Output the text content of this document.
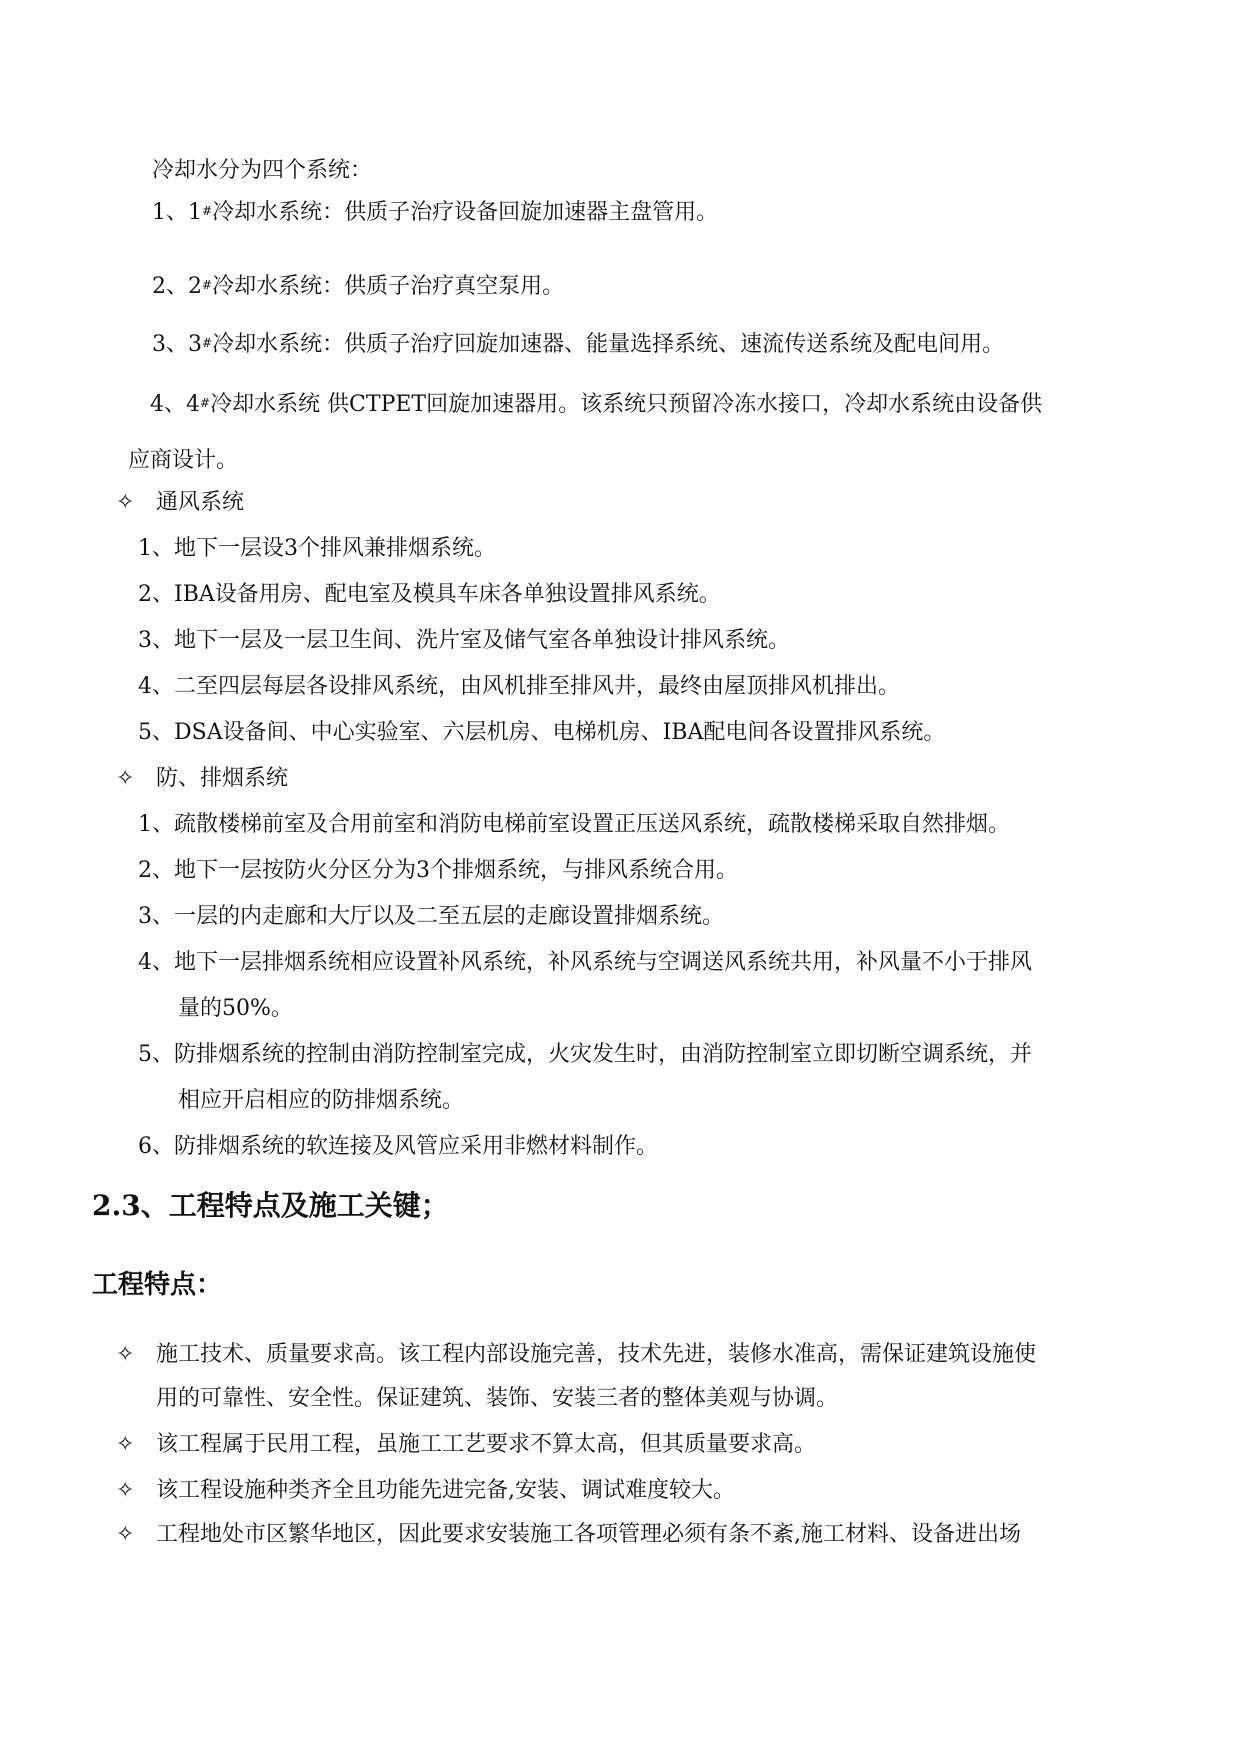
冷却水分为四个系统：
1、1#冷却水系统：供质子治疗设备回旋加速器主盘管用。
2、2#冷却水系统：供质子治疗真空泵用。
3、3#冷却水系统：供质子治疗回旋加速器、能量选择系统、速流传送系统及配电间用。
4、4#冷却水系统 供CTPET回旋加速器用。该系统只预留冷冻水接口，冷却水系统由设备供
应商设计。
✧ 通风系统
1、地下一层设3个排风兼排烟系统。
2、IBA设备用房、配电室及模具车床各单独设置排风系统。
3、地下一层及一层卫生间、洗片室及储气室各单独设计排风系统。
4、二至四层每层各设排风系统，由风机排至排风井，最终由屋顶排风机排出。
5、DSA设备间、中心实验室、六层机房、电梯机房、IBA配电间各设置排风系统。
✧ 防、排烟系统
1、疏散楼梯前室及合用前室和消防电梯前室设置正压送风系统，疏散楼梯采取自然排烟。
2、地下一层按防火分区分为3个排烟系统，与排风系统合用。
3、一层的内走廊和大厅以及二至五层的走廊设置排烟系统。
4、地下一层排烟系统相应设置补风系统，补风系统与空调送风系统共用，补风量不小于排风
量的50%。
5、防排烟系统的控制由消防控制室完成，火灾发生时，由消防控制室立即切断空调系统，并
相应开启相应的防排烟系统。
6、防排烟系统的软连接及风管应采用非燃材料制作。
2.3、工程特点及施工关键；
工程特点：
✧ 施工技术、质量要求高。该工程内部设施完善，技术先进，装修水准高，需保证建筑设施使
用的可靠性、安全性。保证建筑、装饰、安装三者的整体美观与协调。
✧ 该工程属于民用工程，虽施工工艺要求不算太高，但其质量要求高。
✧ 该工程设施种类齐全且功能先进完备,安装、调试难度较大。
✧ 工程地处市区繁华地区，因此要求安装施工各项管理必须有条不紊,施工材料、设备进出场
